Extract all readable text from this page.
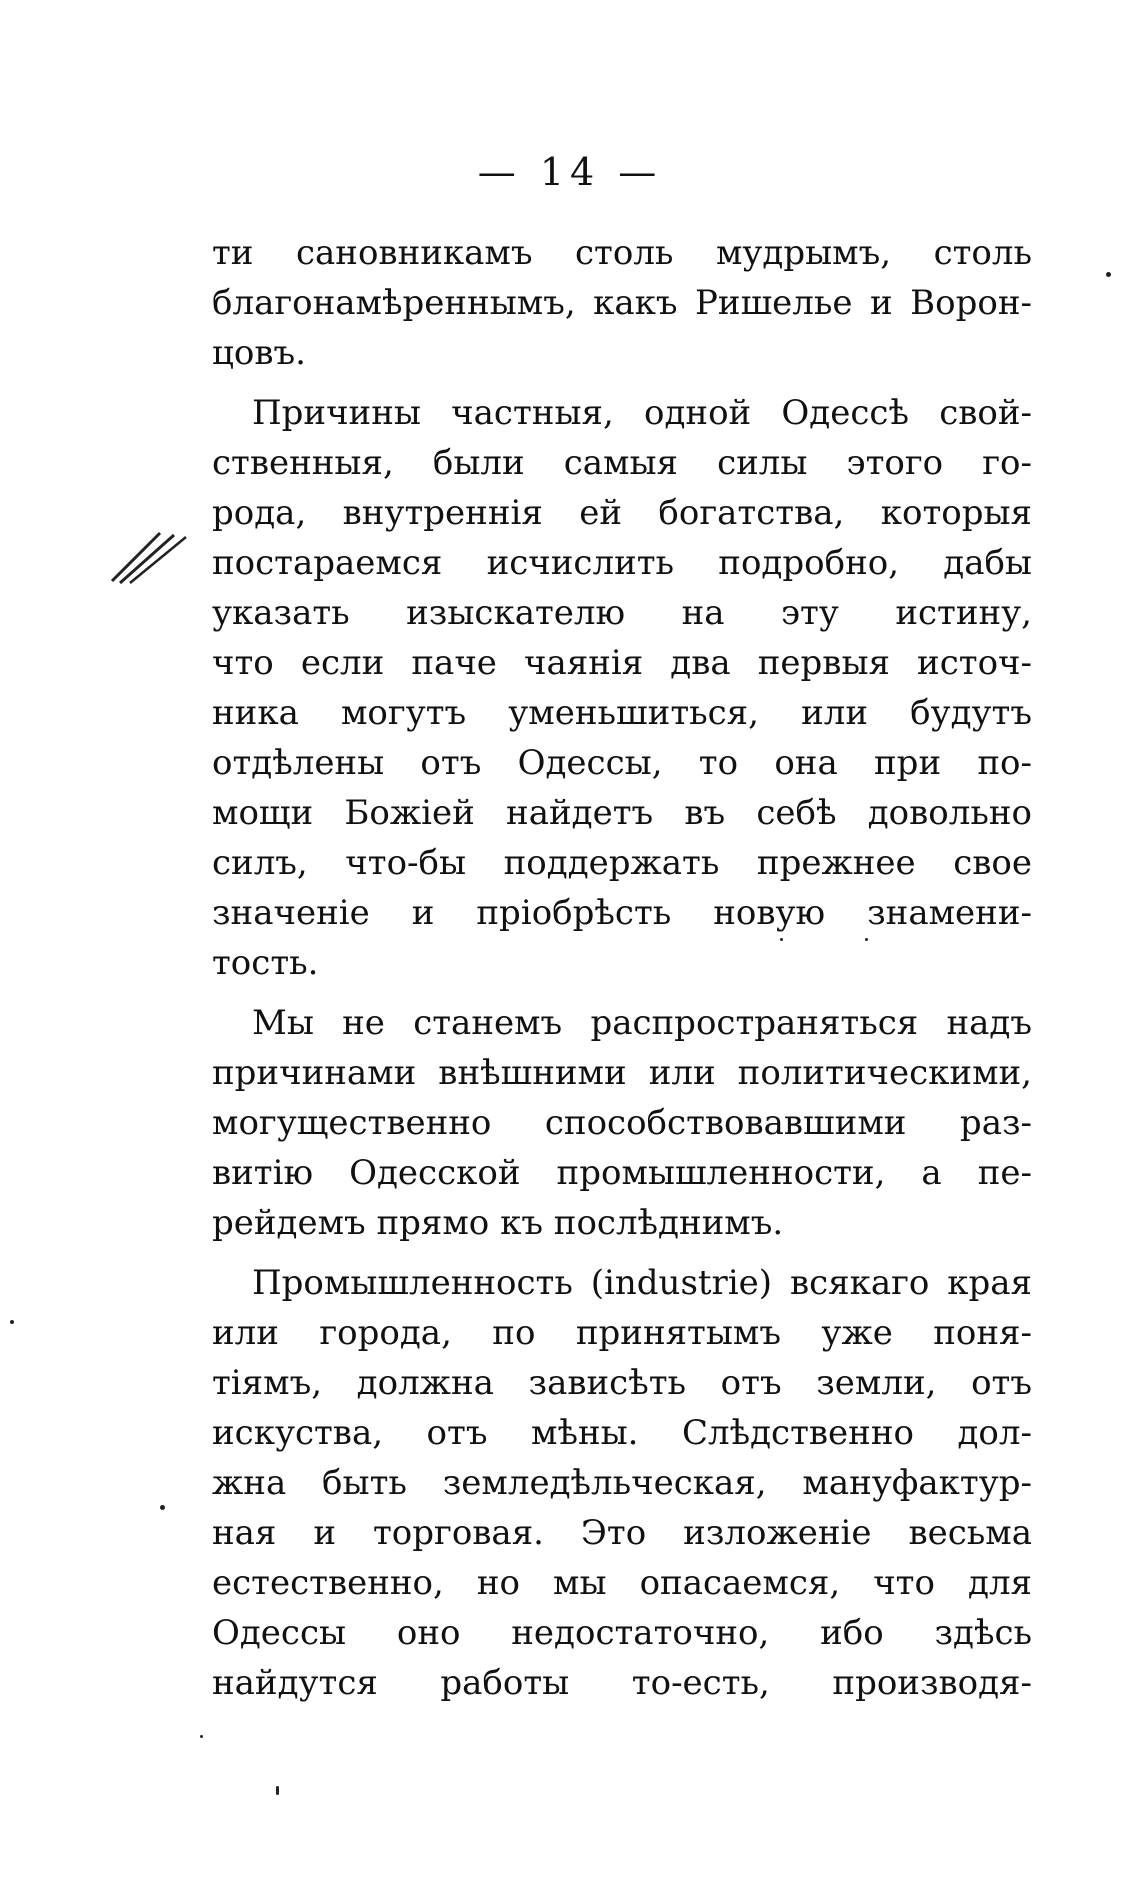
— 14 —
ти сановникамъ столь мудрымъ, столь
благонамѣреннымъ, какъ Ришелье и Ворон-
цовъ.
Причины частныя, одной Одессѣ свой-
ственныя, были самыя силы этого го-
рода, внутреннія ей богатства, которыя
постараемся исчислить подробно, дабы
указать изыскателю на эту истину,
что если паче чаянія два первыя источ-
ника могутъ уменьшиться, или будутъ
отдѣлены отъ Одессы, то она при по-
мощи Божіей найдетъ въ себѣ довольно
силъ, что-бы поддержать прежнее свое
значеніе и пріобрѣсть новую знамени-
тость.
Мы не станемъ распространяться надъ
причинами внѣшними или политическими,
могущественно способствовавшими раз-
витію Одесской промышленности, а пе-
рейдемъ прямо къ послѣднимъ.
Промышленность (industrie) всякаго края
или города, по принятымъ уже поня-
тіямъ, должна зависѣть отъ земли, отъ
искуства, отъ мѣны. Слѣдственно дол-
жна быть земледѣльческая, мануфактур-
ная и торговая. Это изложеніе весьма
естественно, но мы опасаемся, что для
Одессы оно недостаточно, ибо здѣсь
найдутся работы то-есть, производя-
